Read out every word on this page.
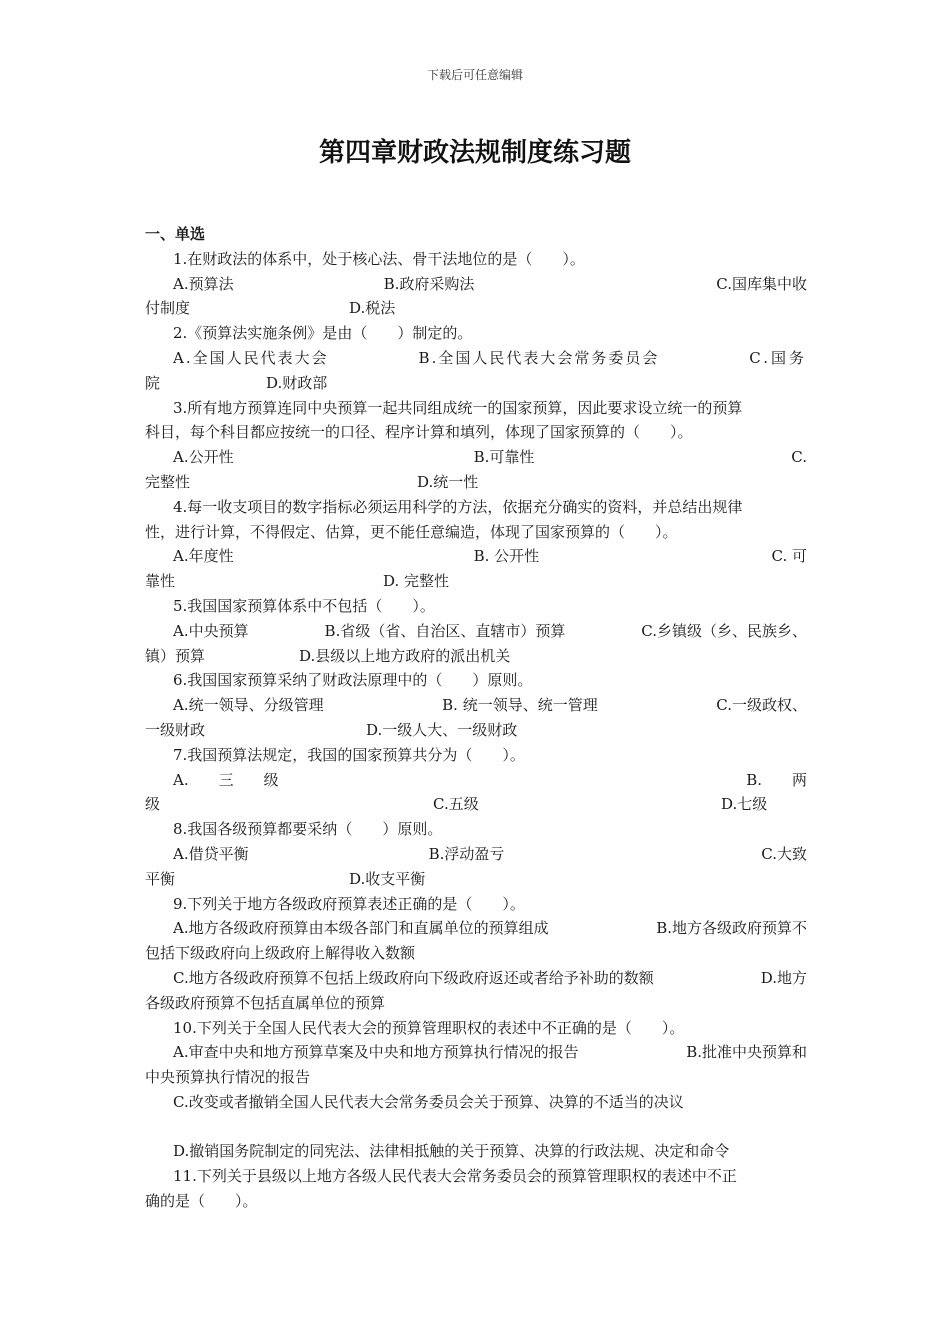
下载后可任意编辑
第四章财政法规制度练习题
一、单选
1.在财政法的体系中，处于核心法、骨干法地位的是（　　）。
A.预算法	B.政府采购法	C.国库集中收
付制度	D.税法
2.《预算法实施条例》是由（　　）制定的。
A.全国人民代表大会	B.全国人民代表大会常务委员会	C.国务
院	D.财政部
3.所有地方预算连同中央预算一起共同组成统一的国家预算，因此要求设立统一的预算
科目，每个科目都应按统一的口径、程序计算和填列，体现了国家预算的（　　）。
A.公开性	B.可靠性	C.
完整性	D.统一性
4.每一收支项目的数字指标必须运用科学的方法，依据充分确实的资料，并总结出规律
性，进行计算，不得假定、估算，更不能任意编造，体现了国家预算的（　　）。
A.年度性	B. 公开性	C. 可
靠性	D. 完整性
5.我国国家预算体系中不包括（　　）。
A.中央预算	B.省级（省、自治区、直辖市）预算	C.乡镇级（乡、民族乡、
镇）预算	D.县级以上地方政府的派出机关
6.我国国家预算采纳了财政法原理中的（　　）原则。
A.统一领导、分级管理	B. 统一领导、统一管理	C.一级政权、
一级财政	D.一级人大、一级财政
7.我国预算法规定，我国的国家预算共分为（　　）。
A.　　三　　级	B.　　两
级	C.五级	D.七级
8.我国各级预算都要采纳（　　）原则。
A.借贷平衡	B.浮动盈亏	C.大致
平衡	D.收支平衡
9.下列关于地方各级政府预算表述正确的是（　　）。
A.地方各级政府预算由本级各部门和直属单位的预算组成	B.地方各级政府预算不
包括下级政府向上级政府上解得收入数额
C.地方各级政府预算不包括上级政府向下级政府返还或者给予补助的数额	D.地方
各级政府预算不包括直属单位的预算
10.下列关于全国人民代表大会的预算管理职权的表述中不正确的是（　　）。
A.审查中央和地方预算草案及中央和地方预算执行情况的报告	B.批准中央预算和
中央预算执行情况的报告
C.改变或者撤销全国人民代表大会常务委员会关于预算、决算的不适当的决议
D.撤销国务院制定的同宪法、法律相抵触的关于预算、决算的行政法规、决定和命令
11.下列关于县级以上地方各级人民代表大会常务委员会的预算管理职权的表述中不正
确的是（　　）。
